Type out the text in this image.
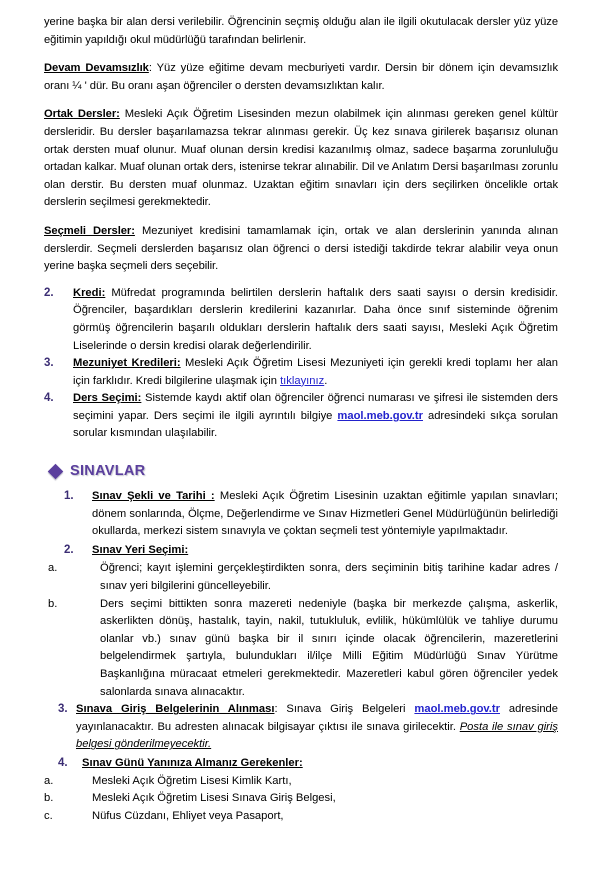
yerine başka bir alan dersi verilebilir. Öğrencinin seçmiş olduğu alan ile ilgili okutulacak dersler yüz yüze eğitimin yapıldığı okul müdürlüğü tarafından belirlenir.

Devam Devamsızlık: Yüz yüze eğitime devam mecburiyeti vardır. Dersin bir dönem için devamsızlık oranı ¼ ' dür. Bu oranı aşan öğrenciler o dersten devamsızlıktan kalır.

Ortak Dersler: Mesleki Açık Öğretim Lisesinden mezun olabilmek için alınması gereken genel kültür dersleridir. Bu dersler başarılamazsa tekrar alınması gerekir. Üç kez sınava girilerek başarısız olunan ortak dersten muaf olunur. Muaf olunan dersin kredisi kazanılmış olmaz, sadece başarma zorunluluğu ortadan kalkar. Muaf olunan ortak ders, istenirse tekrar alınabilir. Dil ve Anlatım Dersi başarılması zorunlu olan derstir. Bu dersten muaf olunmaz. Uzaktan eğitim sınavları için ders seçilirken öncelikle ortak derslerin seçilmesi gerekmektedir.

Seçmeli Dersler: Mezuniyet kredisini tamamlamak için, ortak ve alan derslerinin yanında alınan derslerdir. Seçmeli derslerden başarısız olan öğrenci o dersi istediği takdirde tekrar alabilir veya onun yerine başka seçmeli ders seçebilir.

2.	Kredi: Müfredat programında belirtilen derslerin haftalık ders saati sayısı o dersin kredisidir. Öğrenciler, başardıkları derslerin kredilerini kazanırlar. Daha önce sınıf sisteminde öğrenim görmüş öğrencilerin başarılı oldukları derslerin haftalık ders saati sayısı, Mesleki Açık Öğretim Liselerinde o dersin kredisi olarak değerlendirilir.
3.	Mezuniyet Kredileri: Mesleki Açık Öğretim Lisesi Mezuniyeti için gerekli kredi toplamı her alan için farklıdır. Kredi bilgilerine ulaşmak için tıklayınız.
4.	Ders Seçimi: Sistemde kaydı aktif olan öğrenciler öğrenci numarası ve şifresi ile sistemden ders seçimini yapar. Ders seçimi ile ilgili ayrıntılı bilgiye maol.meb.gov.tr adresindeki sıkça sorulan sorular kısmından ulaşılabilir.
SINAVLAR
1. Sınav Şekli ve Tarihi : Mesleki Açık Öğretim Lisesinin uzaktan eğitimle yapılan sınavları; dönem sonlarında, Ölçme, Değerlendirme ve Sınav Hizmetleri Genel Müdürlüğünün belirlediği okullarda, merkezi sistem sınavıyla ve çoktan seçmeli test yöntemiyle yapılmaktadır.
2. Sınav Yeri Seçimi:
a.	Öğrenci; kayıt işlemini gerçekleştirdikten sonra, ders seçiminin bitiş tarihine kadar adres / sınav yeri bilgilerini güncelleyebilir.
b.	Ders seçimi bittikten sonra mazereti nedeniyle (başka bir merkezde çalışma, askerlik, askerlikten dönüş, hastalık, tayin, nakil, tutukluluk, evlilik, hükümlülük ve tahliye durumu olanlar vb.) sınav günü başka bir il sınırı içinde olacak öğrencilerin, mazeretlerini belgelendirmek şartıyla, bulundukları il/ilçe Milli Eğitim Müdürlüğü Sınav Yürütme Başkanlığına müracaat etmeleri gerekmektedir. Mazeretleri kabul gören öğrenciler yedek salonlarda sınava alınacaktır.
3. Sınava Giriş Belgelerinin Alınması: Sınava Giriş Belgeleri maol.meb.gov.tr adresinde yayınlanacaktır. Bu adresten alınacak bilgisayar çıktısı ile sınava girilecektir. Posta ile sınav giriş belgesi gönderilmeyecektir.
4. Sınav Günü Yanınıza Almanız Gerekenler:
a.	Mesleki Açık Öğretim Lisesi Kimlik Kartı,
b.	Mesleki Açık Öğretim Lisesi Sınava Giriş Belgesi,
c.	Nüfus Cüzdanı, Ehliyet veya Pasaport,
